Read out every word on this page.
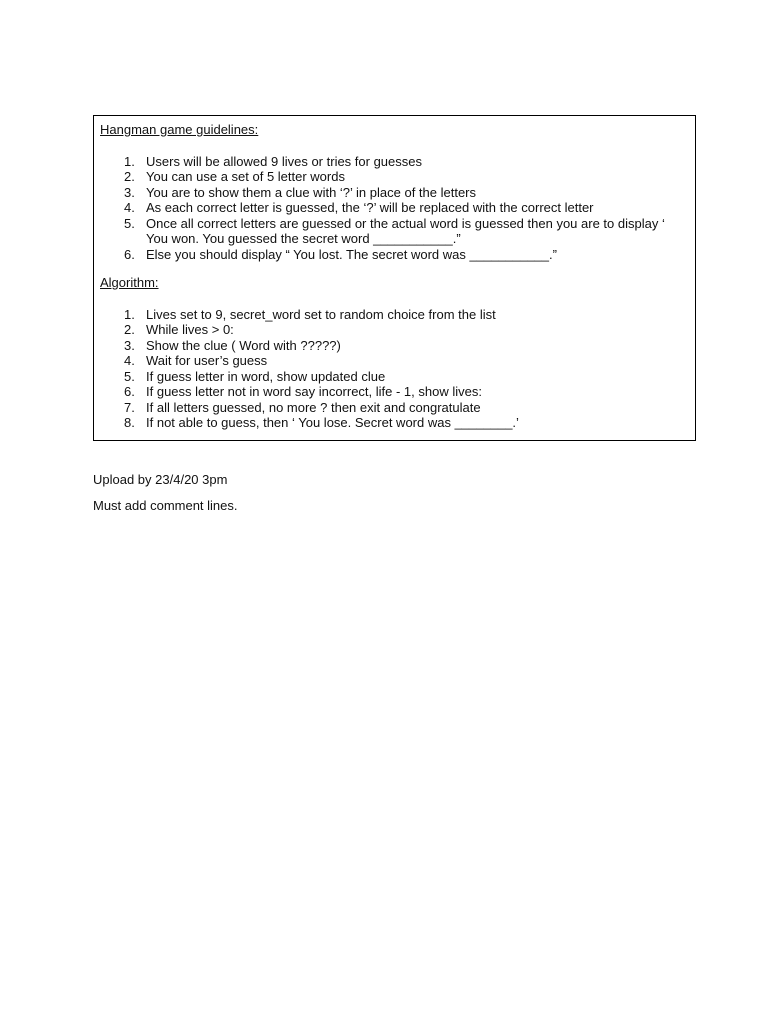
Hangman game guidelines:

1. Users will be allowed 9 lives or tries for guesses
2. You can use a set of 5 letter words
3. You are to show them a clue with ‘?’ in place of the letters
4. As each correct letter is guessed, the ‘?’ will be replaced with the correct letter
5. Once all correct letters are guessed or the actual word is guessed then you are to display ‘ You won. You guessed the secret word ___________.”
6. Else you should display “ You lost. The secret word was ___________.”

Algorithm:

1. Lives set to 9, secret_word set to random choice from the list
2. While lives > 0:
3. Show the clue ( Word with ?????)
4. Wait for user’s guess
5. If guess letter in word, show updated clue
6. If guess letter not in word say incorrect, life - 1, show lives:
7. If all letters guessed, no more ? then exit and congratulate
8. If not able to guess, then ‘ You lose. Secret word was ________.’

Upload by 23/4/20 3pm

Must add comment lines.
